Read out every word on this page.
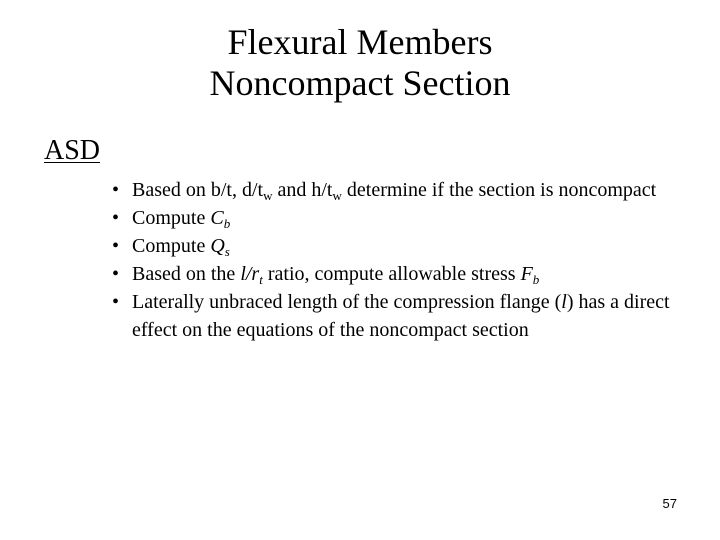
Flexural Members
Noncompact Section
ASD
• Based on b/t, $d/t_w$ and $h/t_w$ determine if the section is noncompact
• Compute $C_b$
• Compute $Q_s$
• Based on the $l/r_t$ ratio, compute allowable stress $F_b$
• Laterally unbraced length of the compression flange (l) has a direct effect on the equations of the noncompact section
57
